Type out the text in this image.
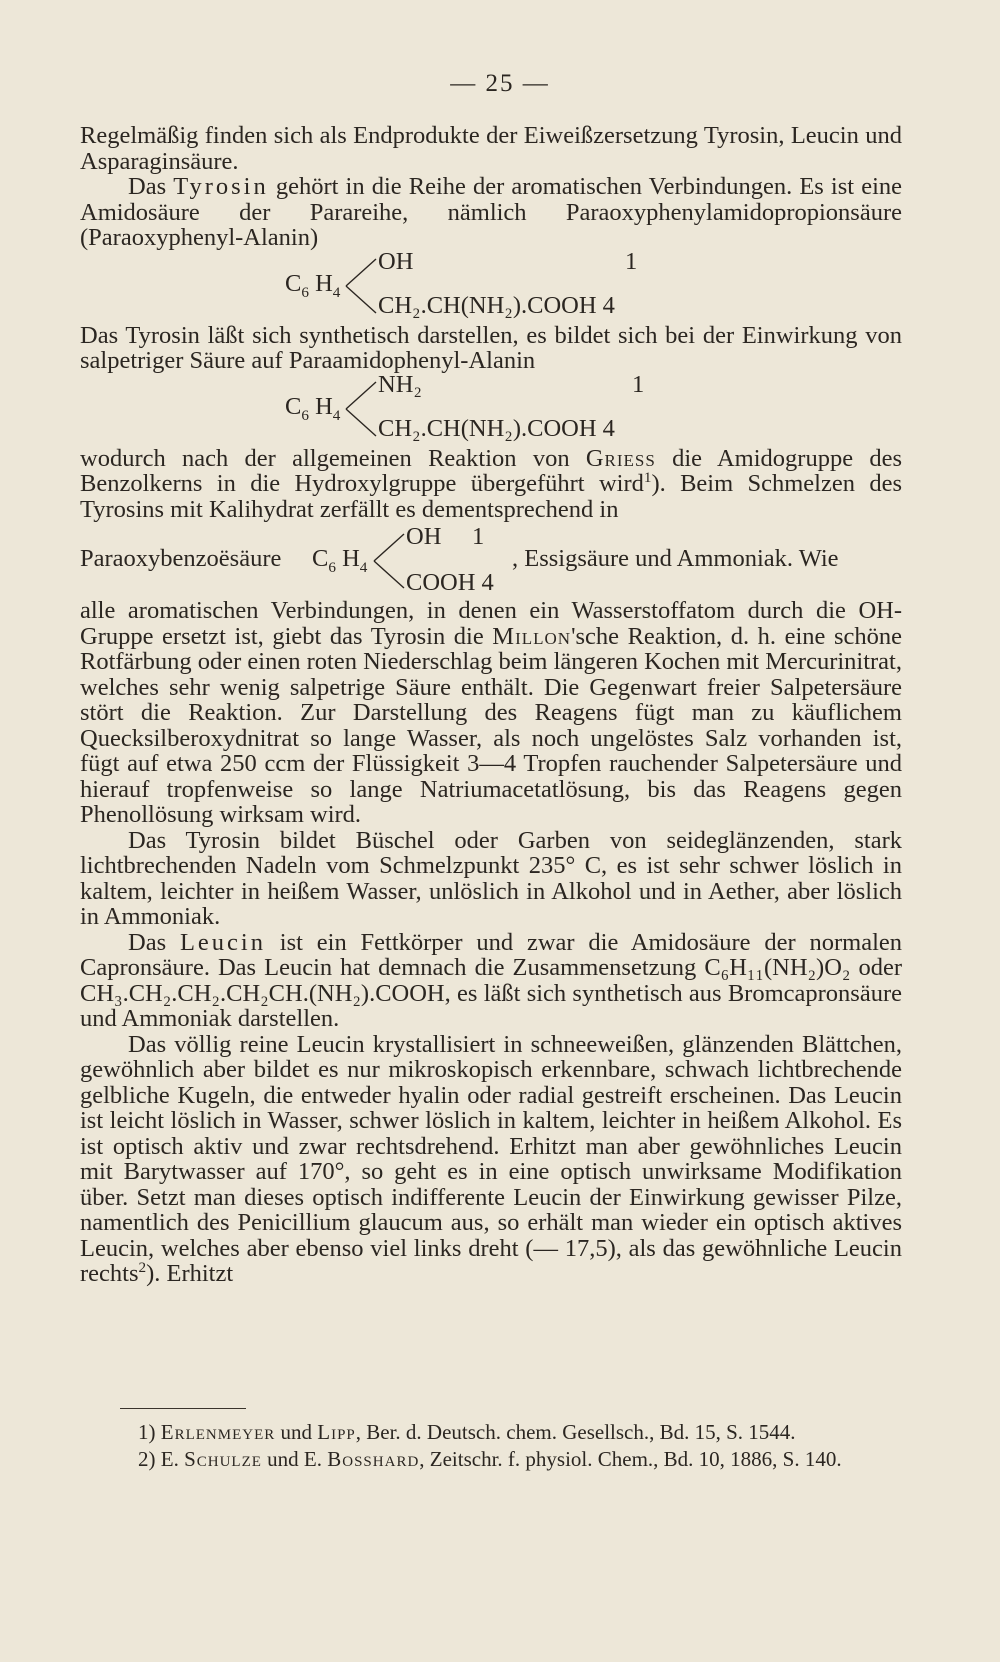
— 25 —

Regelmäßig finden sich als Endprodukte der Eiweißzersetzung Tyrosin, Leucin und Asparaginsäure.

Das Tyrosin gehört in die Reihe der aromatischen Verbindungen. Es ist eine Amidosäure der Parareihe, nämlich Paraoxyphenylamidopropionsäure (Paraoxyphenyl-Alanin)

$C_6$ $H_4$
OH	1
CH₂.CH(NH₂).COOH 4

Das Tyrosin läßt sich synthetisch darstellen, es bildet sich bei der Einwirkung von salpetriger Säure auf Paraamidophenyl-Alanin

$C_6$ $H_4$
NH₂	1
CH₂.CH(NH₂).COOH 4

wodurch nach der allgemeinen Reaktion von Griess die Amidogruppe des Benzolkerns in die Hydroxylgruppe übergeführt wird$^1$). Beim Schmelzen des Tyrosins mit Kalihydrat zerfällt es dementsprechend in

Paraoxybenzoësäure $C_6$ $H_4$
OH 1
COOH 4
, Essigsäure und Ammoniak. Wie

alle aromatischen Verbindungen, in denen ein Wasserstoffatom durch die OH-Gruppe ersetzt ist, giebt das Tyrosin die Millon'sche Reaktion, d. h. eine schöne Rotfärbung oder einen roten Niederschlag beim längeren Kochen mit Mercurinitrat, welches sehr wenig salpetrige Säure enthält. Die Gegenwart freier Salpetersäure stört die Reaktion. Zur Darstellung des Reagens fügt man zu käuflichem Quecksilberoxydnitrat so lange Wasser, als noch ungelöstes Salz vorhanden ist, fügt auf etwa 250 ccm der Flüssigkeit 3—4 Tropfen rauchender Salpetersäure und hierauf tropfenweise so lange Natriumacetatlösung, bis das Reagens gegen Phenollösung wirksam wird.

Das Tyrosin bildet Büschel oder Garben von seideglänzenden, stark lichtbrechenden Nadeln vom Schmelzpunkt 235° C, es ist sehr schwer löslich in kaltem, leichter in heißem Wasser, unlöslich in Alkohol und in Aether, aber löslich in Ammoniak.

Das Leucin ist ein Fettkörper und zwar die Amidosäure der normalen Capronsäure. Das Leucin hat demnach die Zusammensetzung C₆H₁₁(NH₂)O₂ oder CH₃.CH₂.CH₂.CH₂CH.(NH₂).COOH, es läßt sich synthetisch aus Bromcapronsäure und Ammoniak darstellen.

Das völlig reine Leucin krystallisiert in schneeweißen, glänzenden Blättchen, gewöhnlich aber bildet es nur mikroskopisch erkennbare, schwach lichtbrechende gelbliche Kugeln, die entweder hyalin oder radial gestreift erscheinen. Das Leucin ist leicht löslich in Wasser, schwer löslich in kaltem, leichter in heißem Alkohol. Es ist optisch aktiv und zwar rechtsdrehend. Erhitzt man aber gewöhnliches Leucin mit Barytwasser auf 170°, so geht es in eine optisch unwirksame Modifikation über. Setzt man dieses optisch indifferente Leucin der Einwirkung gewisser Pilze, namentlich des Penicillium glaucum aus, so erhält man wieder ein optisch aktives Leucin, welches aber ebenso viel links dreht (— 17,5), als das gewöhnliche Leucin rechts$^2$). Erhitzt

1) Erlenmeyer und Lipp, Ber. d. Deutsch. chem. Gesellsch., Bd. 15, S. 1544.

2) E. Schulze und E. Bosshard, Zeitschr. f. physiol. Chem., Bd. 10, 1886, S. 140.
